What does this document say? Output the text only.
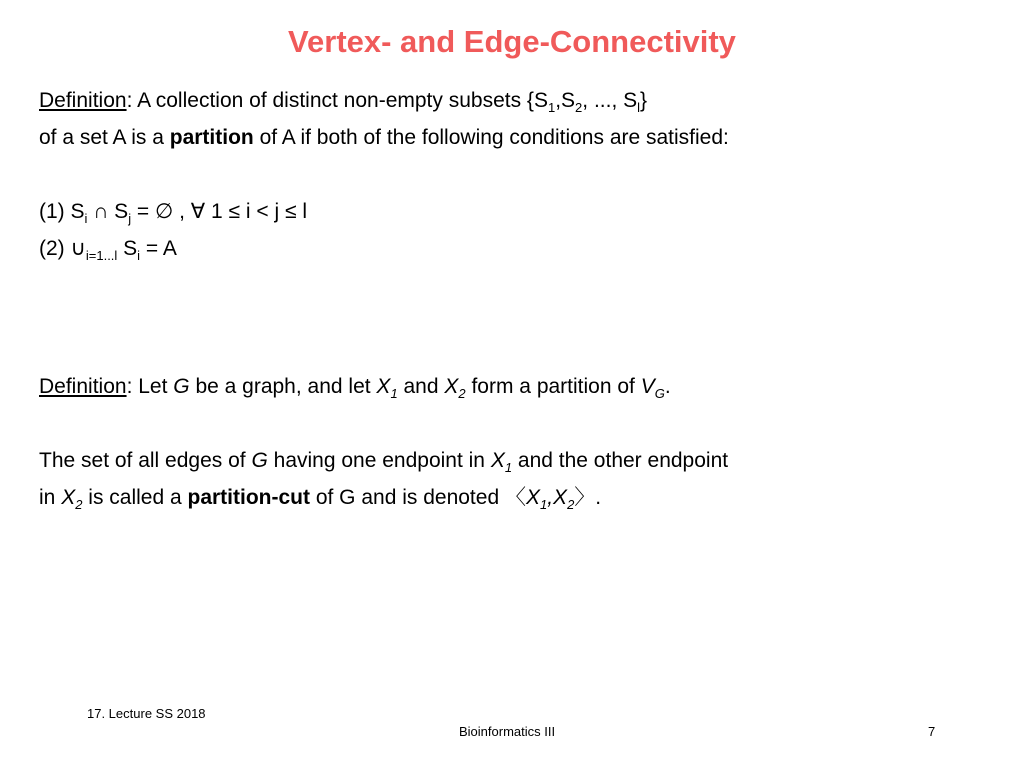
Vertex- and Edge-Connectivity
Definition: A collection of distinct non-empty subsets {$S_1,S_2$, ..., $S_l$}
of a set A is a partition of A if both of the following conditions are satisfied:
(1) $S_i$ ∩ $S_j$ = ∅ , ∀ 1 ≤ i < j ≤ l
(2) $\cup_{i=1...l}$ $S_i = A$
Definition: Let G be a graph, and let $X_1$ and $X_2$ form a partition of $V_G$.
The set of all edges of G having one endpoint in $X_1$ and the other endpoint
in $X_2$ is called a partition-cut of G and is denoted $〈X_1,X_2〉$.
17. Lecture SS 2018
Bioinformatics III	7
